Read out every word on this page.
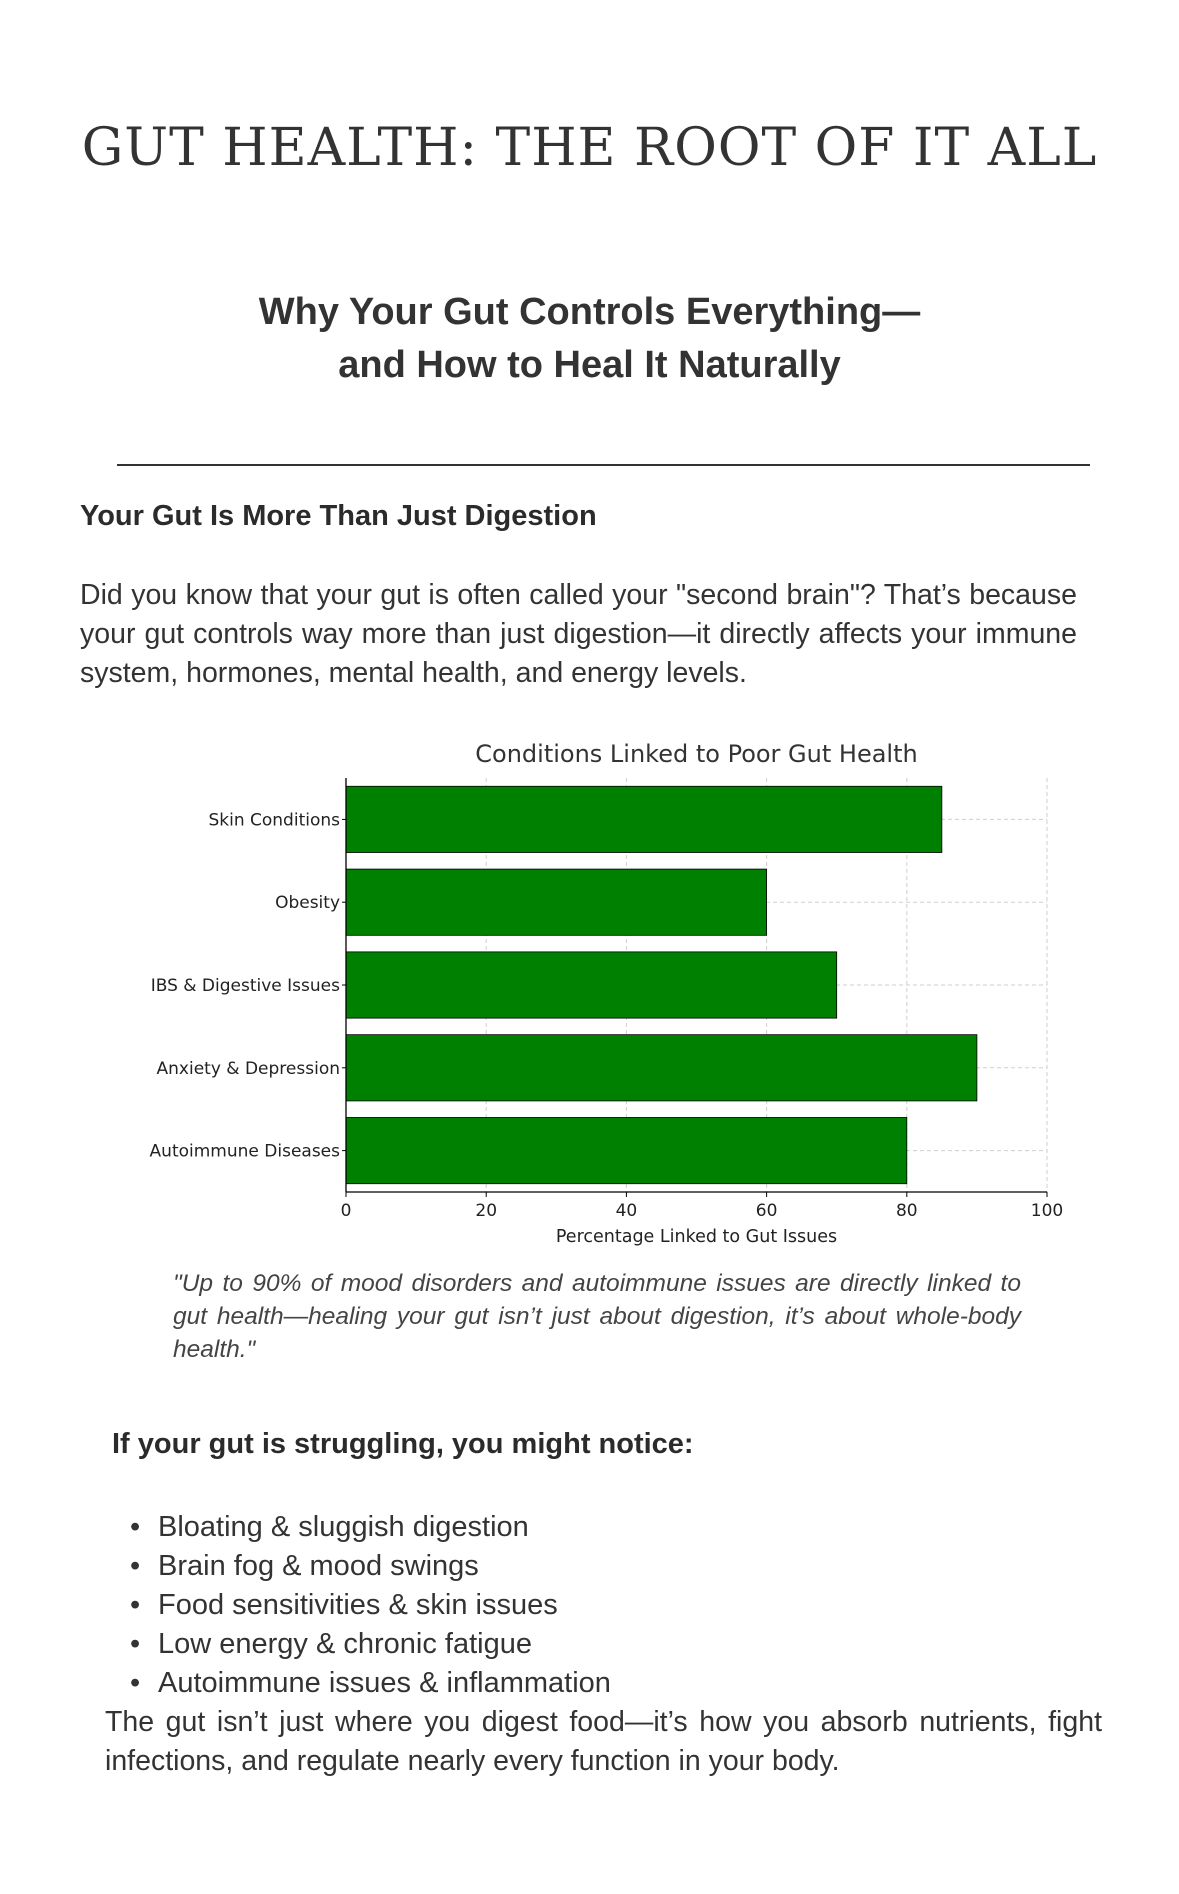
GUT HEALTH: THE ROOT OF IT ALL
Why Your Gut Controls Everything—
and How to Heal It Naturally
Your Gut Is More Than Just Digestion

Did you know that your gut is often called your "second brain"? That’s because your gut controls way more than just digestion—it directly affects your immune system, hormones, mental health, and energy levels.

Autoimmune Diseases
Anxiety & Depression
IBS & Digestive Issues
Obesity
Skin Conditions
0	20	40	60	80	100
Conditions Linked to Poor Gut Health
Percentage Linked to Gut Issues

"Up to 90% of mood disorders and autoimmune issues are directly linked to gut health—healing your gut isn’t just about digestion, it’s about whole-body health."

If your gut is struggling, you might notice:
• Bloating & sluggish digestion
• Brain fog & mood swings
• Food sensitivities & skin issues
• Low energy & chronic fatigue
• Autoimmune issues & inflammation

The gut isn’t just where you digest food—it’s how you absorb nutrients, fight infections, and regulate nearly every function in your body.
